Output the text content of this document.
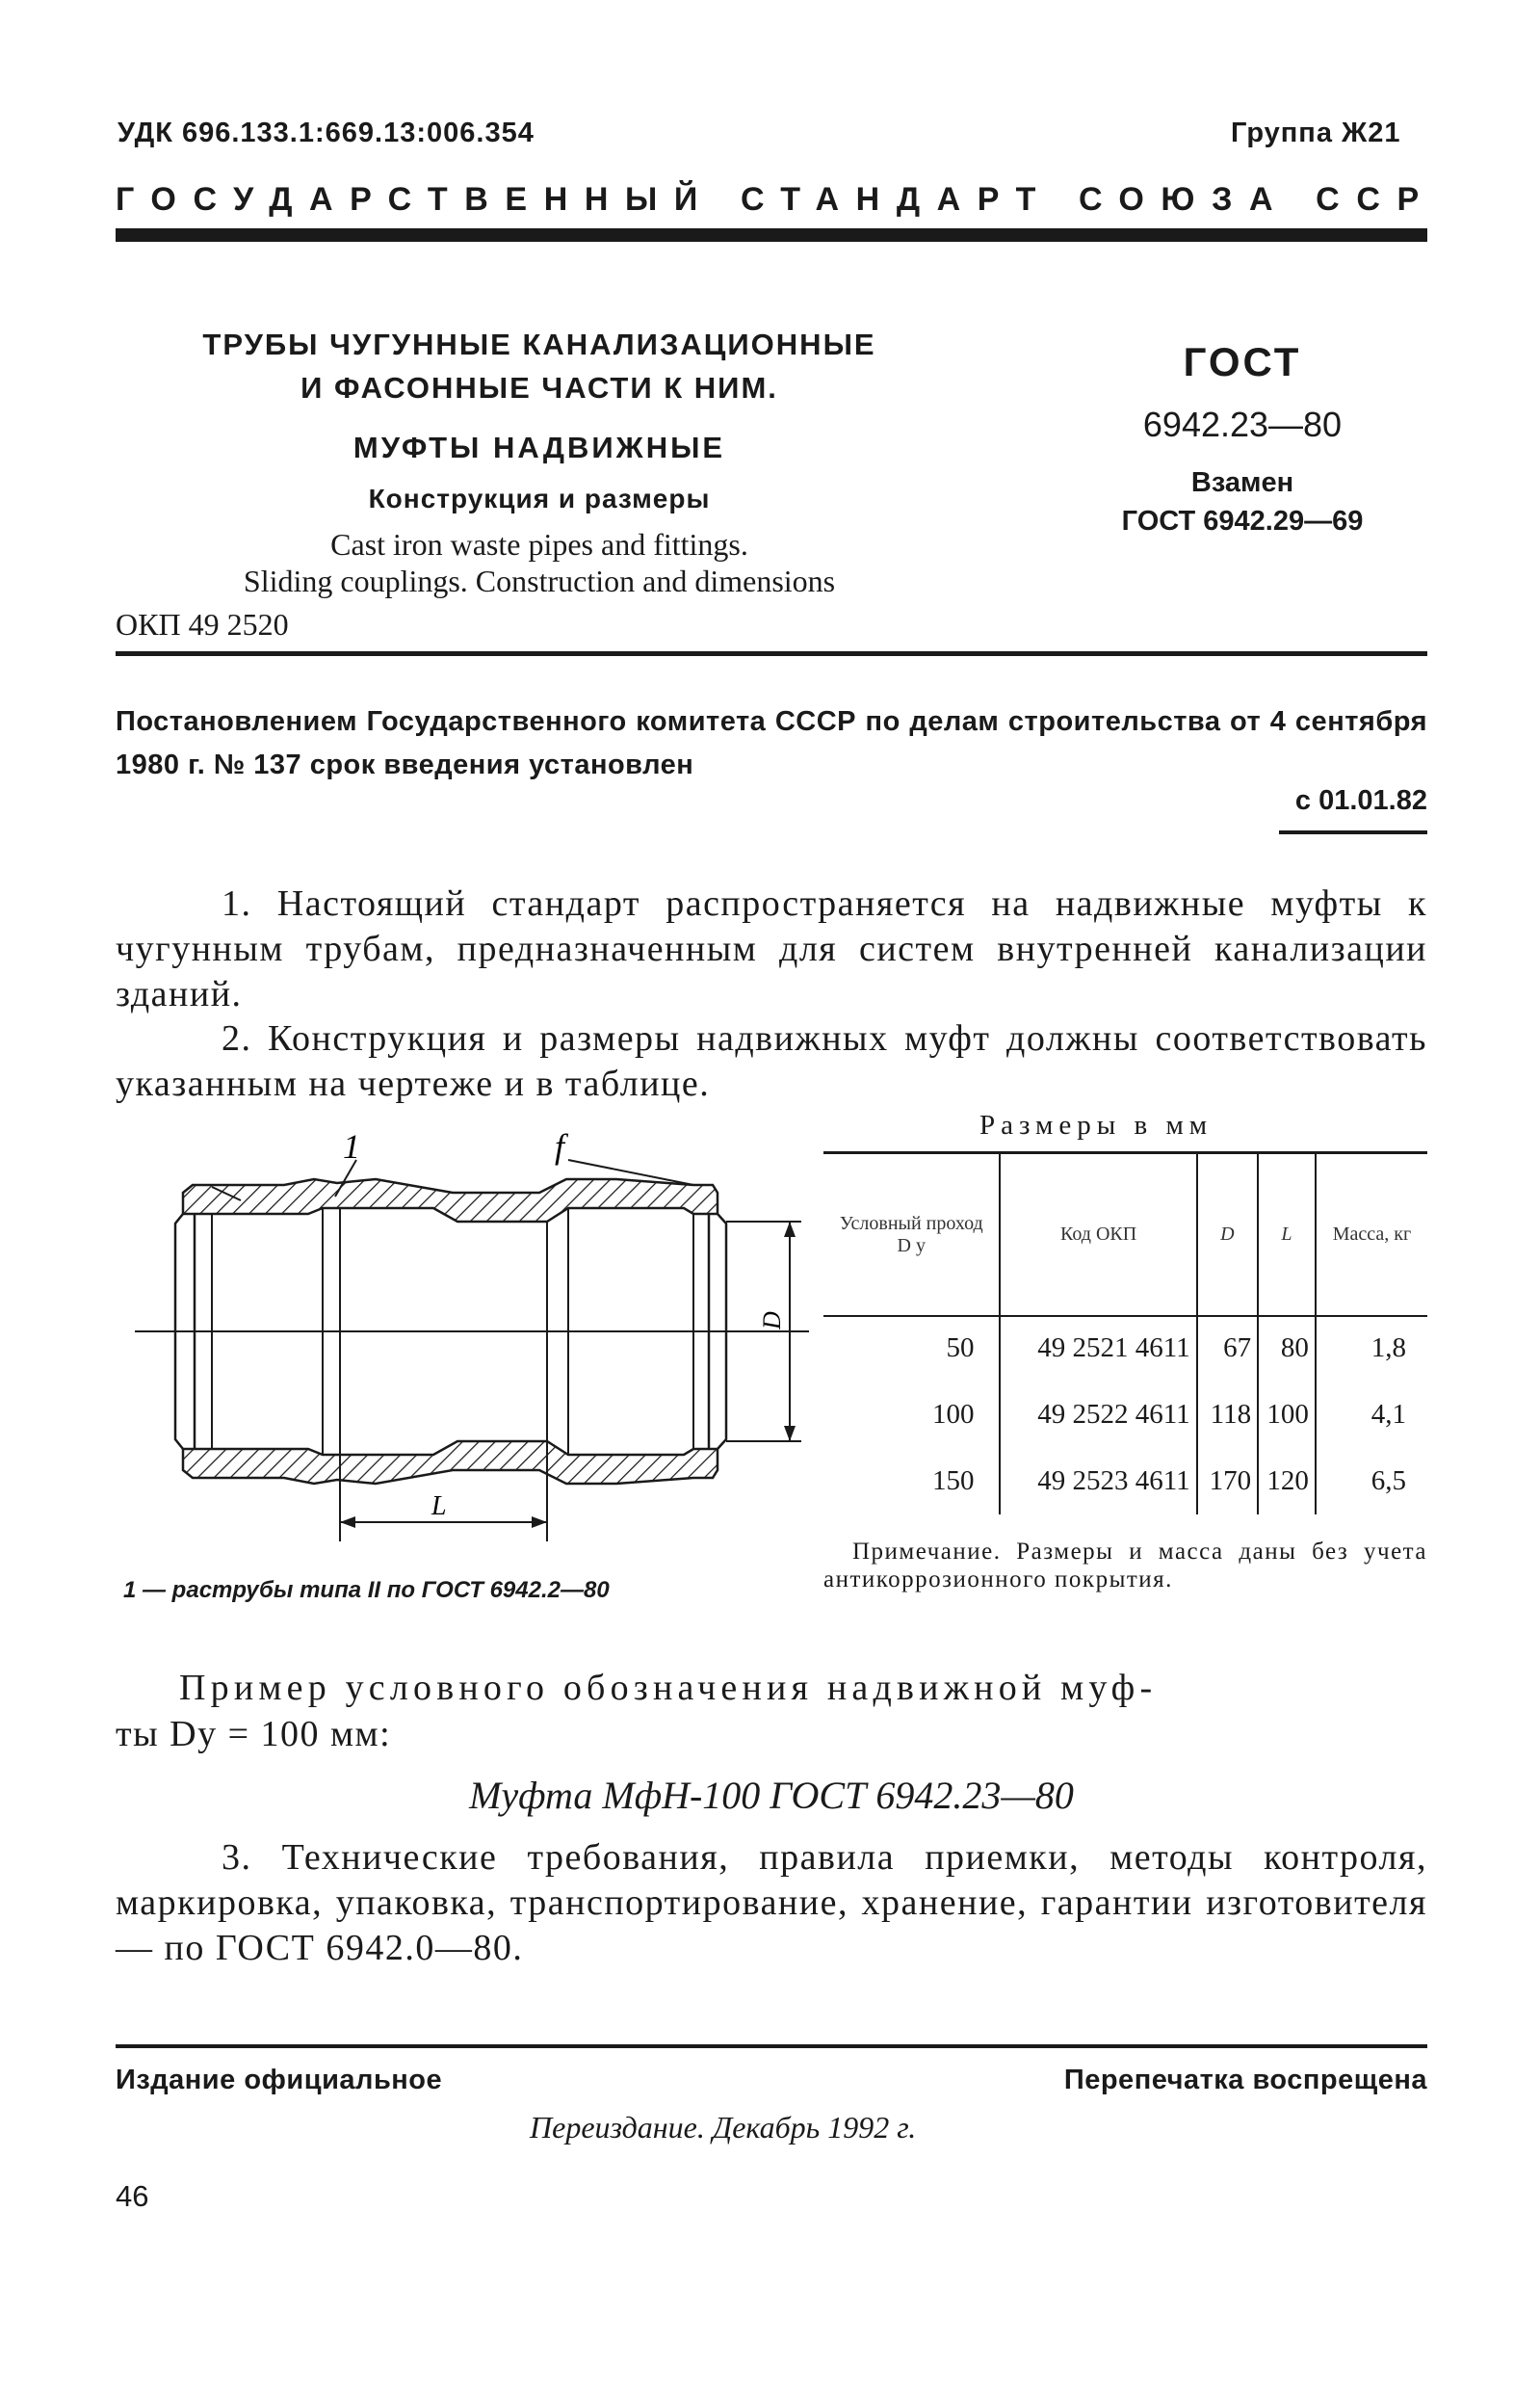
УДК 696.133.1:669.13:006.354	Группа Ж21
ГОСУДАРСТВЕННЫЙ СТАНДАРТ СОЮЗА ССР
ТРУБЫ ЧУГУННЫЕ КАНАЛИЗАЦИОННЫЕ
И ФАСОННЫЕ ЧАСТИ К НИМ.
МУФТЫ НАДВИЖНЫЕ
Конструкция и размеры
Cast iron waste pipes and fittings.
Sliding couplings. Construction and dimensions
ОКП 49 2520
ГОСТ
6942.23—80
Взамен
ГОСТ 6942.29—69
Постановлением Государственного комитета СССР по делам строительства от 4 сентября 1980 г. № 137 срок введения установлен
с 01.01.82
1. Настоящий стандарт распространяется на надвижные муфты к чугунным трубам, предназначенным для систем внутренней канализации зданий.
2. Конструкция и размеры надвижных муфт должны соответствовать указанным на чертеже и в таблице.
1	f
D
L
1 — раструбы типа II по ГОСТ 6942.2—80
Размеры в мм
Условный проход D у	Код ОКП	D	L	Масса, кг
50	49 2521 4611	67	80	1,8
100	49 2522 4611	118	100	4,1
150	49 2523 4611	170	120	6,5
Примечание. Размеры и масса даны без учета антикоррозионного покрытия.
Пример условного обозначения надвижной муф-
ты Dу = 100 мм:
Муфта МфН-100 ГОСТ 6942.23—80
3. Технические требования, правила приемки, методы контроля, маркировка, упаковка, транспортирование, хранение, гарантии изготовителя — по ГОСТ 6942.0—80.
Издание официальное	Перепечатка воспрещена
Переиздание. Декабрь 1992 г.
46
